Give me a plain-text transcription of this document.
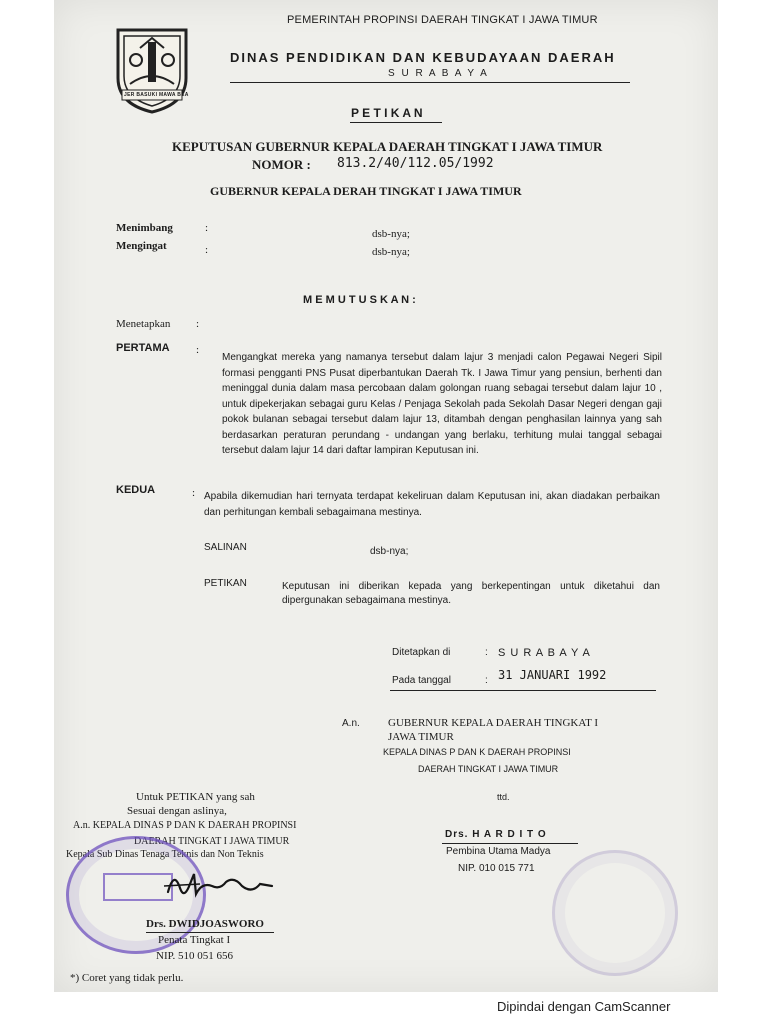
JER BASUKI MAWA BEA
PEMERINTAH PROPINSI DAERAH TINGKAT I JAWA TIMUR
DINAS PENDIDIKAN DAN KEBUDAYAAN DAERAH
S U R A B A Y A
P E T I K A N
KEPUTUSAN GUBERNUR KEPALA DAERAH TINGKAT I JAWA TIMUR
NOMOR : 813.2/40/112.05/1992
GUBERNUR KEPALA DERAH TINGKAT I JAWA TIMUR
Menimbang	:	dsb-nya;
Mengingat	:	dsb-nya;
M E M U T U S K A N :
Menetapkan :
PERTAMA :
Mengangkat mereka yang namanya tersebut dalam lajur 3 menjadi calon Pegawai Negeri Sipil formasi pengganti PNS Pusat diperbantukan Daerah Tk. I Jawa Timur yang pensiun, berhenti dan meninggal dunia dalam masa percobaan dalam golongan ruang sebagai tersebut dalam lajur 10 , untuk dipekerjakan sebagai guru Kelas / Penjaga Sekolah pada Sekolah Dasar Negeri dengan gaji pokok bulanan sebagai tersebut dalam lajur 13, ditambah dengan penghasilan lainnya yang sah berdasarkan peraturan perundang - undangan yang berlaku, terhitung mulai tanggal sebagai tersebut dalam lajur 14 dari daftar lampiran Keputusan ini.
KEDUA	: Apabila dikemudian hari ternyata terdapat kekeliruan dalam Keputusan ini, akan diadakan perbaikan dan perhitungan kembali sebagaimana mestinya.
SALINAN	dsb-nya;
PETIKAN	Keputusan ini diberikan kepada yang berkepentingan untuk diketahui dan dipergunakan sebagaimana mestinya.
Ditetapkan di	: S U R A B A Y A
Pada tanggal	: 31 JANUARI 1992
A.n.	GUBERNUR KEPALA DAERAH TINGKAT I
JAWA TIMUR
KEPALA DINAS P DAN K DAERAH PROPINSI
DAERAH TINGKAT I JAWA TIMUR
ttd.
Drs. H A R D I T O
Pembina Utama Madya
NIP. 010 015 771
Untuk PETIKAN yang sah
Sesuai dengan aslinya,
A.n. KEPALA DINAS P DAN K DAERAH PROPINSI
DAERAH TINGKAT I JAWA TIMUR
Kepala Sub Dinas Tenaga Teknis dan Non Teknis
Drs. DWIDJOASWORO
Penata Tingkat I
NIP. 510 051 656
*) Coret yang tidak perlu.
Dipindai dengan CamScanner
